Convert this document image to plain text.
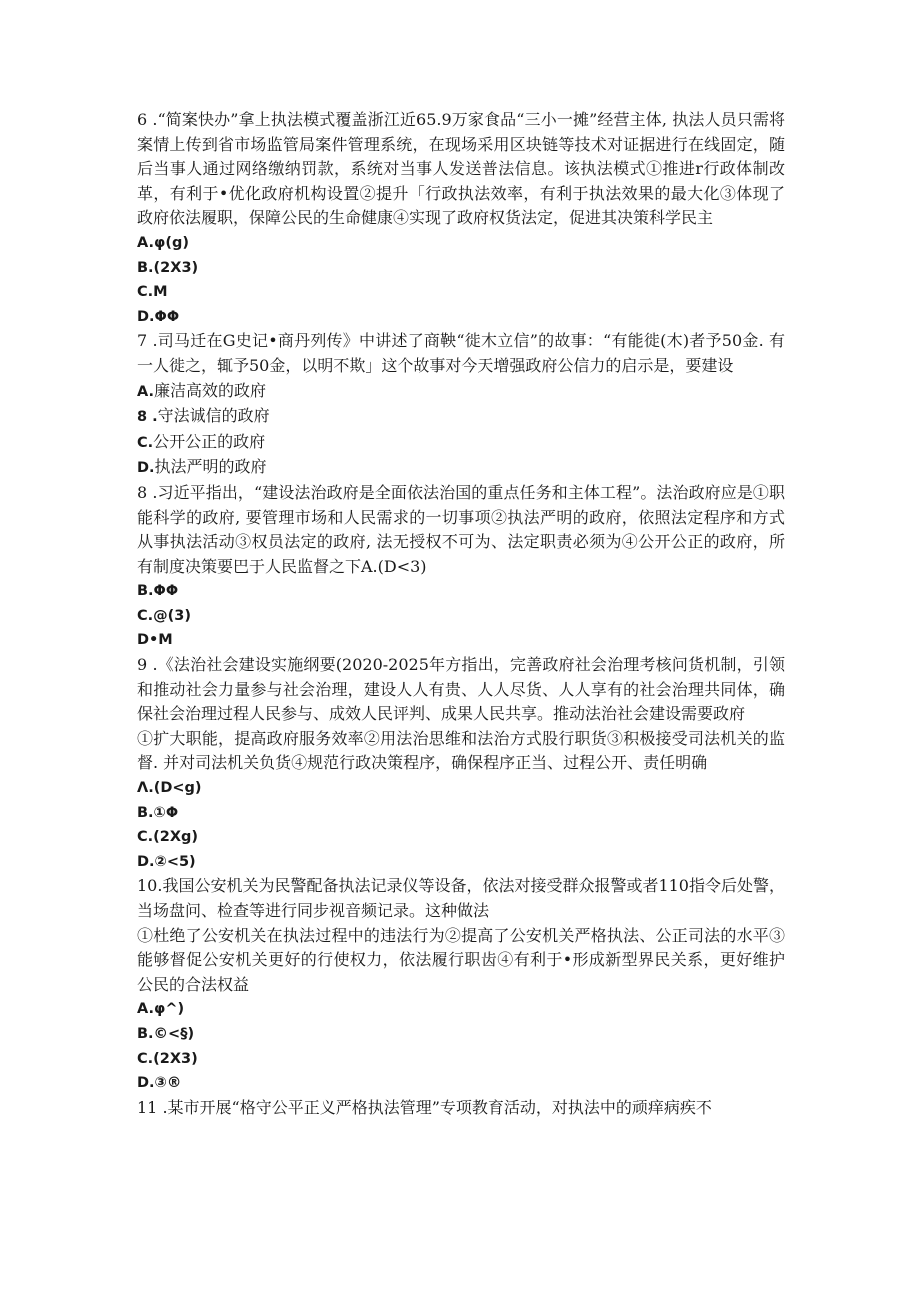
6 .“简案快办”拿上执法模式覆盖浙江近65.9万家食品“三小一摊”经营主体, 执法人员只需将案情上传到省市场监管局案件管理系统，在现场采用区块链等技术对证据进行在线固定，随后当事人通过网络缴纳罚款，系统对当事人发送普法信息。该执法模式①推进r行政体制改革，有利于•优化政府机构设置②提升「行政执法效率，有利于执法效果的最大化③体现了政府依法履职，保障公民的生命健康④实现了政府权货法定，促进其决策科学民主

A.φ(g)

B.(2X3)

C.M

D.ΦΦ

7 .司马迁在G史记•商丹列传》中讲述了商鞅“徙木立信”的故事：“有能徙(木)者予50金. 有一人徙之，辄予50金，以明不欺」这个故事对今天增强政府公信力的启示是，要建设

A.廉洁高效的政府

8 .守法诚信的政府

C.公开公正的政府

D.执法严明的政府

8 .习近平指出，“建设法治政府是全面依法治国的重点任务和主体工程”。法治政府应是①职能科学的政府, 要管理市场和人民需求的一切事项②执法严明的政府，依照法定程序和方式从事执法活动③权员法定的政府, 法无授权不可为、法定职责必须为④公开公正的政府，所有制度决策要巴于人民监督之下A.(D<3)

B.ΦΦ

C.@(3)

D•M

9 .《法治社会建设实施纲要(2020-2025年方指出，完善政府社会治理考核问货机制，引领和推动社会力量参与社会治理，建设人人有贵、人人尽货、人人享有的社会治理共同体，确保社会治理过程人民参与、成效人民评判、成果人民共享。推动法治社会建设需要政府

①扩大职能，提高政府服务效率②用法治思维和法治方式股行职货③积极接受司法机关的监督. 并对司法机关负货④规范行政决策程序，确保程序正当、过程公开、责任明确

Λ.(D<g)

B.①Φ

C.(2Xg)

D.②<5)

10.我国公安机关为民警配备执法记录仪等设备，依法对接受群众报警或者110指令后处警，当场盘问、检查等进行同步视音频记录。这种做法

①杜绝了公安机关在执法过程中的违法行为②提高了公安机关严格执法、公正司法的水平③能够督促公安机关更好的行使权力，依法履行职齿④有利于•形成新型界民关系，更好维护公民的合法权益

A.φ^)

B.©<§)

C.(2X3)

D.③®

11 .某市开展“格守公平正义严格执法管理”专项教育活动，对执法中的顽痒病疾不
